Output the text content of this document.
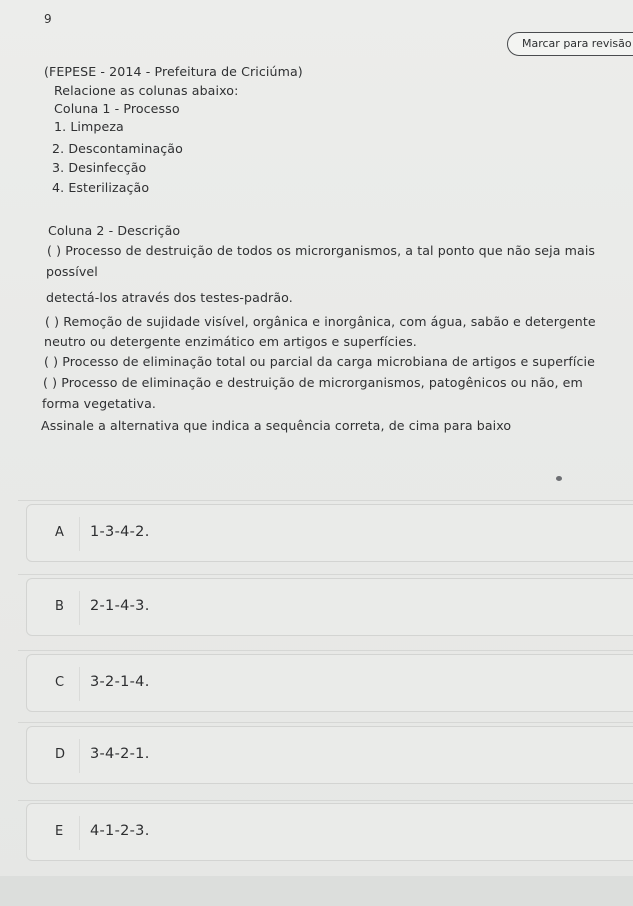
9
Marcar para revisão
(FEPESE - 2014 - Prefeitura de Criciúma)
Relacione as colunas abaixo:
Coluna 1 - Processo
1. Limpeza
2. Descontaminação
3. Desinfecção
4. Esterilização
Coluna 2 - Descrição
( ) Processo de destruição de todos os microrganismos, a tal ponto que não seja mais
possível
detectá-los através dos testes-padrão.
( ) Remoção de sujidade visível, orgânica e inorgânica, com água, sabão e detergente
neutro ou detergente enzimático em artigos e superfícies.
( ) Processo de eliminação total ou parcial da carga microbiana de artigos e superfície
( ) Processo de eliminação e destruição de microrganismos, patogênicos ou não, em
forma vegetativa.
Assinale a alternativa que indica a sequência correta, de cima para baixo
A 1-3-4-2.
B 2-1-4-3.
C 3-2-1-4.
D 3-4-2-1.
E 4-1-2-3.
